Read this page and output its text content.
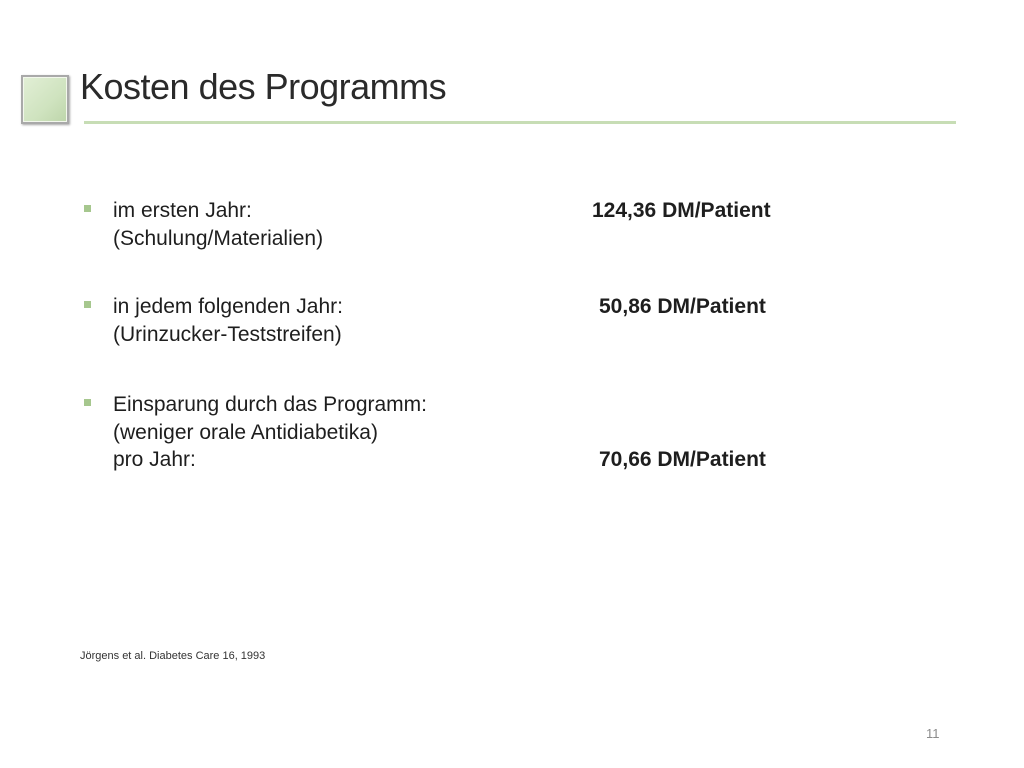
Kosten des Programms
im ersten Jahr:
(Schulung/Materialien)
124,36 DM/Patient
in jedem folgenden Jahr:
(Urinzucker-Teststreifen)
50,86 DM/Patient
Einsparung durch das Programm:
(weniger orale Antidiabetika)
pro Jahr:	70,66 DM/Patient
Jörgens et al. Diabetes Care 16, 1993
11
